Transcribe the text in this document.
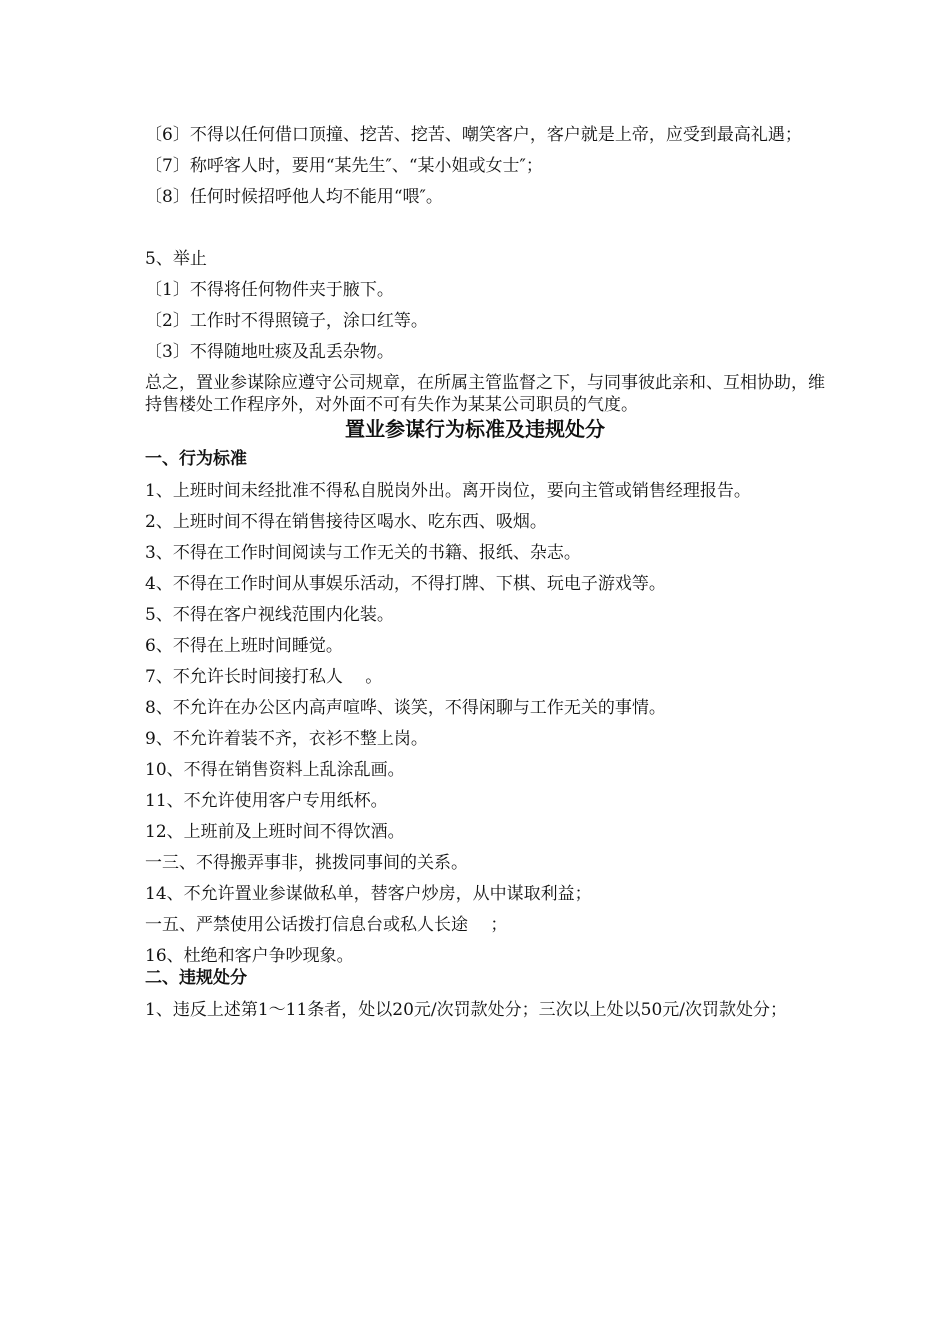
〔6〕不得以任何借口顶撞、挖苦、挖苦、嘲笑客户，客户就是上帝，应受到最高礼遇；

〔7〕称呼客人时，要用“某先生″、“某小姐或女士″；

〔8〕任何时候招呼他人均不能用“喂″。

5、举止

〔1〕不得将任何物件夹于腋下。

〔2〕工作时不得照镜子，涂口红等。

〔3〕不得随地吐痰及乱丢杂物。

总之，置业参谋除应遵守公司规章，在所属主管监督之下，与同事彼此亲和、互相协助，维持售楼处工作程序外，对外面不可有失作为某某公司职员的气度。

置业参谋行为标准及违规处分

一、行为标准

1、上班时间未经批准不得私自脱岗外出。离开岗位，要向主管或销售经理报告。

2、上班时间不得在销售接待区喝水、吃东西、吸烟。

3、不得在工作时间阅读与工作无关的书籍、报纸、杂志。

4、不得在工作时间从事娱乐活动，不得打牌、下棋、玩电子游戏等。

5、不得在客户视线范围内化装。

6、不得在上班时间睡觉。

7、不允许长时间接打私人 　。

8、不允许在办公区内高声喧哗、谈笑，不得闲聊与工作无关的事情。

9、不允许着装不齐，衣衫不整上岗。

10、不得在销售资料上乱涂乱画。

11、不允许使用客户专用纸杯。

12、上班前及上班时间不得饮酒。

一三、不得搬弄事非，挑拨同事间的关系。

14、不允许置业参谋做私单，替客户炒房，从中谋取利益；

一五、严禁使用公话拨打信息台或私人长途　 ；

16、杜绝和客户争吵现象。

二、违规处分

1、违反上述第1～11条者，处以20元/次罚款处分；三次以上处以50元/次罚款处分；
